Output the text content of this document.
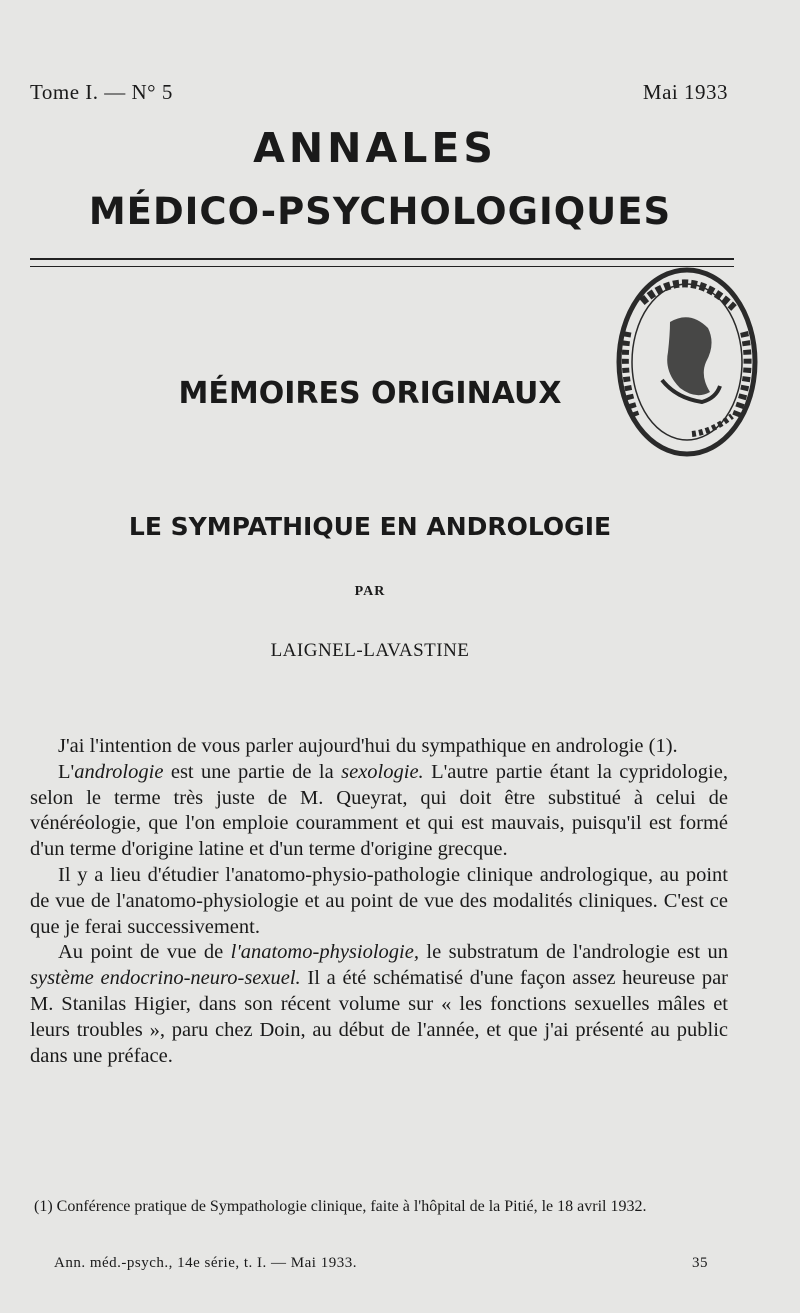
Tome I. — N° 5	Mai 1933
ANNALES
MÉDICO-PSYCHOLOGIQUES
MÉMOIRES ORIGINAUX
LE SYMPATHIQUE EN ANDROLOGIE
PAR
LAIGNEL-LAVASTINE

J'ai l'intention de vous parler aujourd'hui du sympathique en andrologie (1).

L'andrologie est une partie de la sexologie. L'autre partie étant la cypridologie, selon le terme très juste de M. Queyrat, qui doit être substitué à celui de vénéréologie, que l'on emploie couramment et qui est mauvais, puisqu'il est formé d'un terme d'origine latine et d'un terme d'origine grecque.

Il y a lieu d'étudier l'anatomo-physio-pathologie clinique andrologique, au point de vue de l'anatomo-physiologie et au point de vue des modalités cliniques. C'est ce que je ferai successivement.

Au point de vue de l'anatomo-physiologie, le substratum de l'andrologie est un système endocrino-neuro-sexuel. Il a été schématisé d'une façon assez heureuse par M. Stanilas Higier, dans son récent volume sur « les fonctions sexuelles mâles et leurs troubles », paru chez Doin, au début de l'année, et que j'ai présenté au public dans une préface.

(1) Conférence pratique de Sympathologie clinique, faite à l'hôpital de la Pitié, le 18 avril 1932.

Ann. méd.-psych., 14e série, t. I. — Mai 1933.	35
